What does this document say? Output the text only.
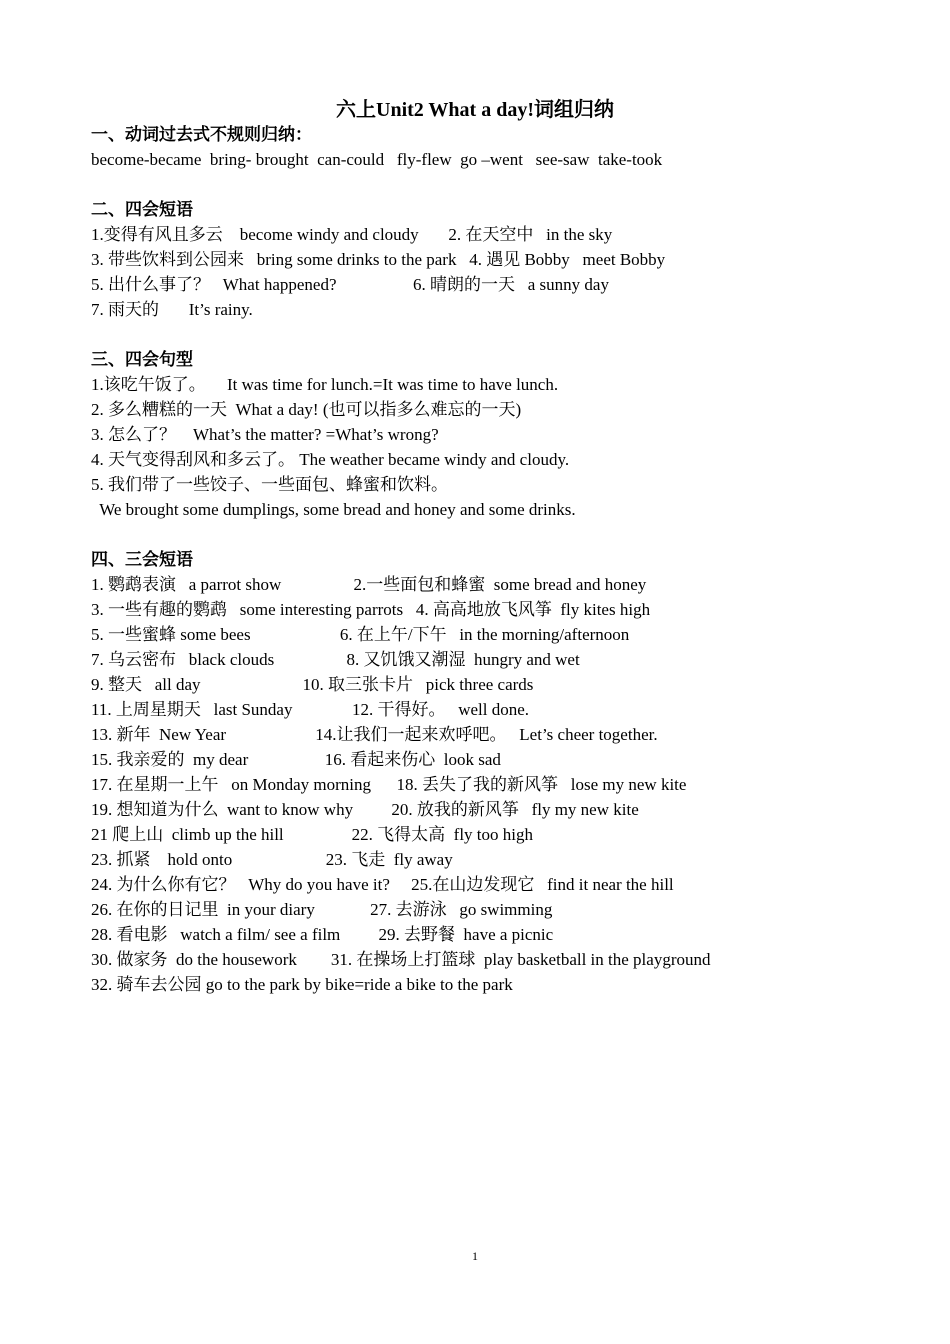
六上Unit2 What a day!词组归纳
一、动词过去式不规则归纳：
become-became  bring- brought  can-could   fly-flew  go –went   see-saw  take-took
二、四会短语
1.变得有风且多云    become windy and cloudy       2. 在天空中   in the sky
3. 带些饮料到公园来   bring some drinks to the park   4. 遇见 Bobby   meet Bobby
5. 出什么事了？   What happened?                  6. 晴朗的一天   a sunny day
7. 雨天的       It’s rainy.
三、四会句型
1.该吃午饭了。     It was time for lunch.=It was time to have lunch.
2. 多么糟糕的一天  What a day! (也可以指多么难忘的一天)
3. 怎么了？    What’s the matter? =What’s wrong?
4. 天气变得刮风和多云了。 The weather became windy and cloudy.
5. 我们带了一些饺子、一些面包、蜂蜜和饮料。
We brought some dumplings, some bread and honey and some drinks.
四、三会短语
1. 鹦鹉表演   a parrot show                 2.一些面包和蜂蜜  some bread and honey
3. 一些有趣的鹦鹉   some interesting parrots   4. 高高地放飞风筝  fly kites high
5. 一些蜜蜂 some bees                     6. 在上午/下午   in the morning/afternoon
7. 乌云密布   black clouds                 8. 又饥饿又潮湿  hungry and wet
9. 整天   all day                        10. 取三张卡片   pick three cards
11. 上周星期天   last Sunday              12. 干得好。   well done.
13. 新年  New Year                     14.让我们一起来欢呼吧。   Let’s cheer together.
15. 我亲爱的  my dear                  16. 看起来伤心  look sad
17. 在星期一上午   on Monday morning      18. 丢失了我的新风筝   lose my new kite
19. 想知道为什么  want to know why         20. 放我的新风筝   fly my new kite
21 爬上山  climb up the hill                22. 飞得太高  fly too high
23. 抓紧    hold onto                      23. 飞走  fly away
24. 为什么你有它？   Why do you have it?     25.在山边发现它   find it near the hill
26. 在你的日记里  in your diary             27. 去游泳   go swimming
28. 看电影   watch a film/ see a film         29. 去野餐  have a picnic
30. 做家务  do the housework        31. 在操场上打篮球  play basketball in the playground
32. 骑车去公园 go to the park by bike=ride a bike to the park
1
